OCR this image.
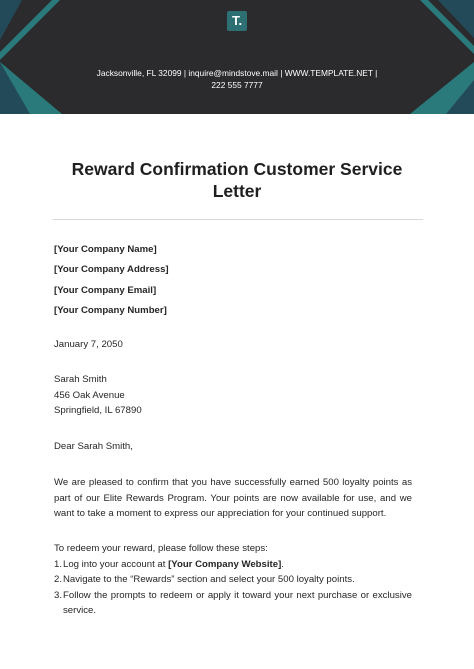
T.
Jacksonville, FL 32099 | inquire@mindstove.mail | WWW.TEMPLATE.NET |
222 555 7777
Reward Confirmation Customer Service
Letter
[Your Company Name]
[Your Company Address]
[Your Company Email]
[Your Company Number]
January 7, 2050
Sarah Smith
456 Oak Avenue
Springfield, IL 67890
Dear Sarah Smith,
We are pleased to confirm that you have successfully earned 500 loyalty points as part of our Elite Rewards Program. Your points are now available for use, and we want to take a moment to express our appreciation for your continued support.
To redeem your reward, please follow these steps:
1. Log into your account at [Your Company Website].
2. Navigate to the “Rewards” section and select your 500 loyalty points.
3. Follow the prompts to redeem or apply it toward your next purchase or exclusive service.
